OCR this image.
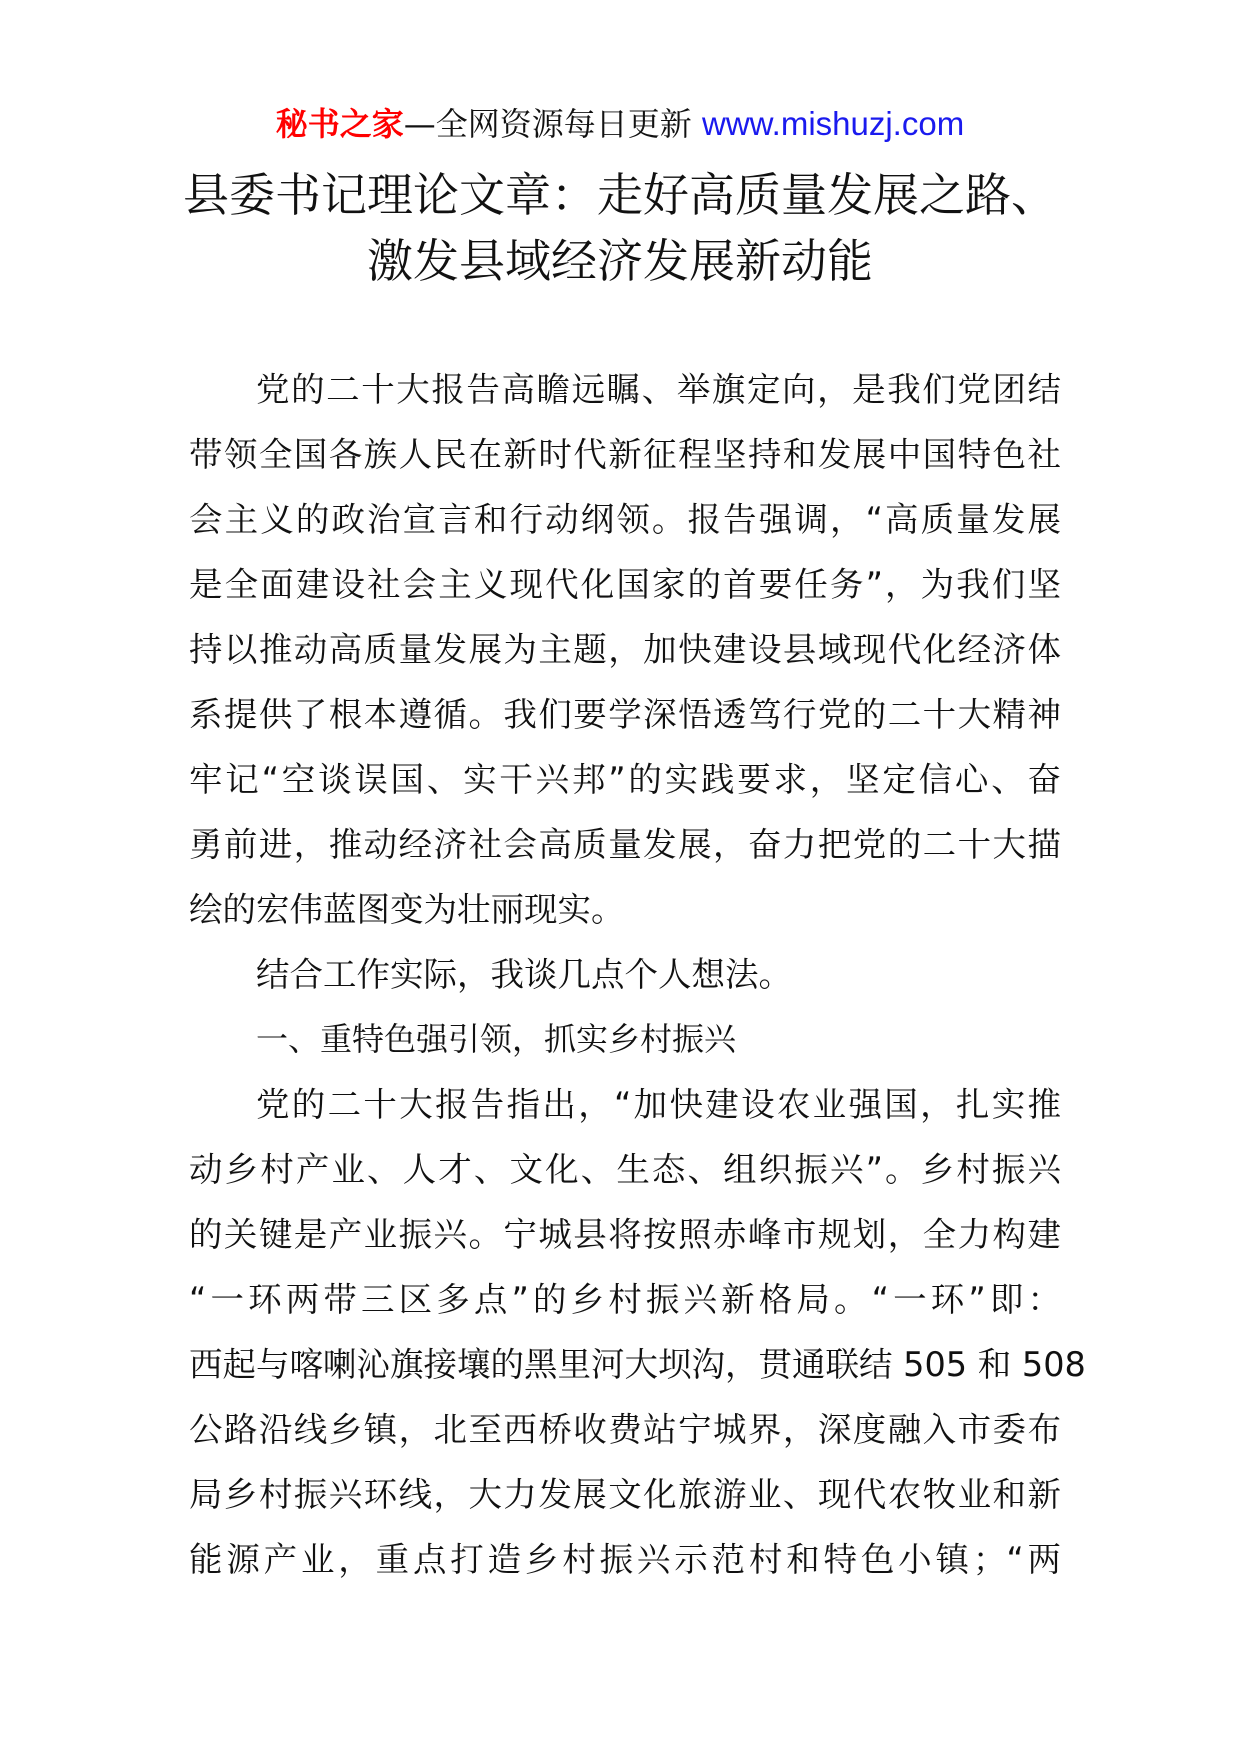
秘书之家—全网资源每日更新 www.mishuzj.com
县委书记理论文章：走好高质量发展之路、
激发县域经济发展新动能
党的二十大报告高瞻远瞩、举旗定向，是我们党团结
带领全国各族人民在新时代新征程坚持和发展中国特色社
会主义的政治宣言和行动纲领。报告强调，“高质量发展
是全面建设社会主义现代化国家的首要任务”，为我们坚
持以推动高质量发展为主题，加快建设县域现代化经济体
系提供了根本遵循。我们要学深悟透笃行党的二十大精神
牢记“空谈误国、实干兴邦”的实践要求，坚定信心、奋
勇前进，推动经济社会高质量发展，奋力把党的二十大描
绘的宏伟蓝图变为壮丽现实。
结合工作实际，我谈几点个人想法。
一、重特色强引领，抓实乡村振兴
党的二十大报告指出，“加快建设农业强国，扎实推
动乡村产业、人才、文化、生态、组织振兴”。乡村振兴
的关键是产业振兴。宁城县将按照赤峰市规划，全力构建
“一环两带三区多点”的乡村振兴新格局。“一环”即：
西起与喀喇沁旗接壤的黑里河大坝沟，贯通联结 505 和 508
公路沿线乡镇，北至西桥收费站宁城界，深度融入市委布
局乡村振兴环线，大力发展文化旅游业、现代农牧业和新
能源产业，重点打造乡村振兴示范村和特色小镇；“两
